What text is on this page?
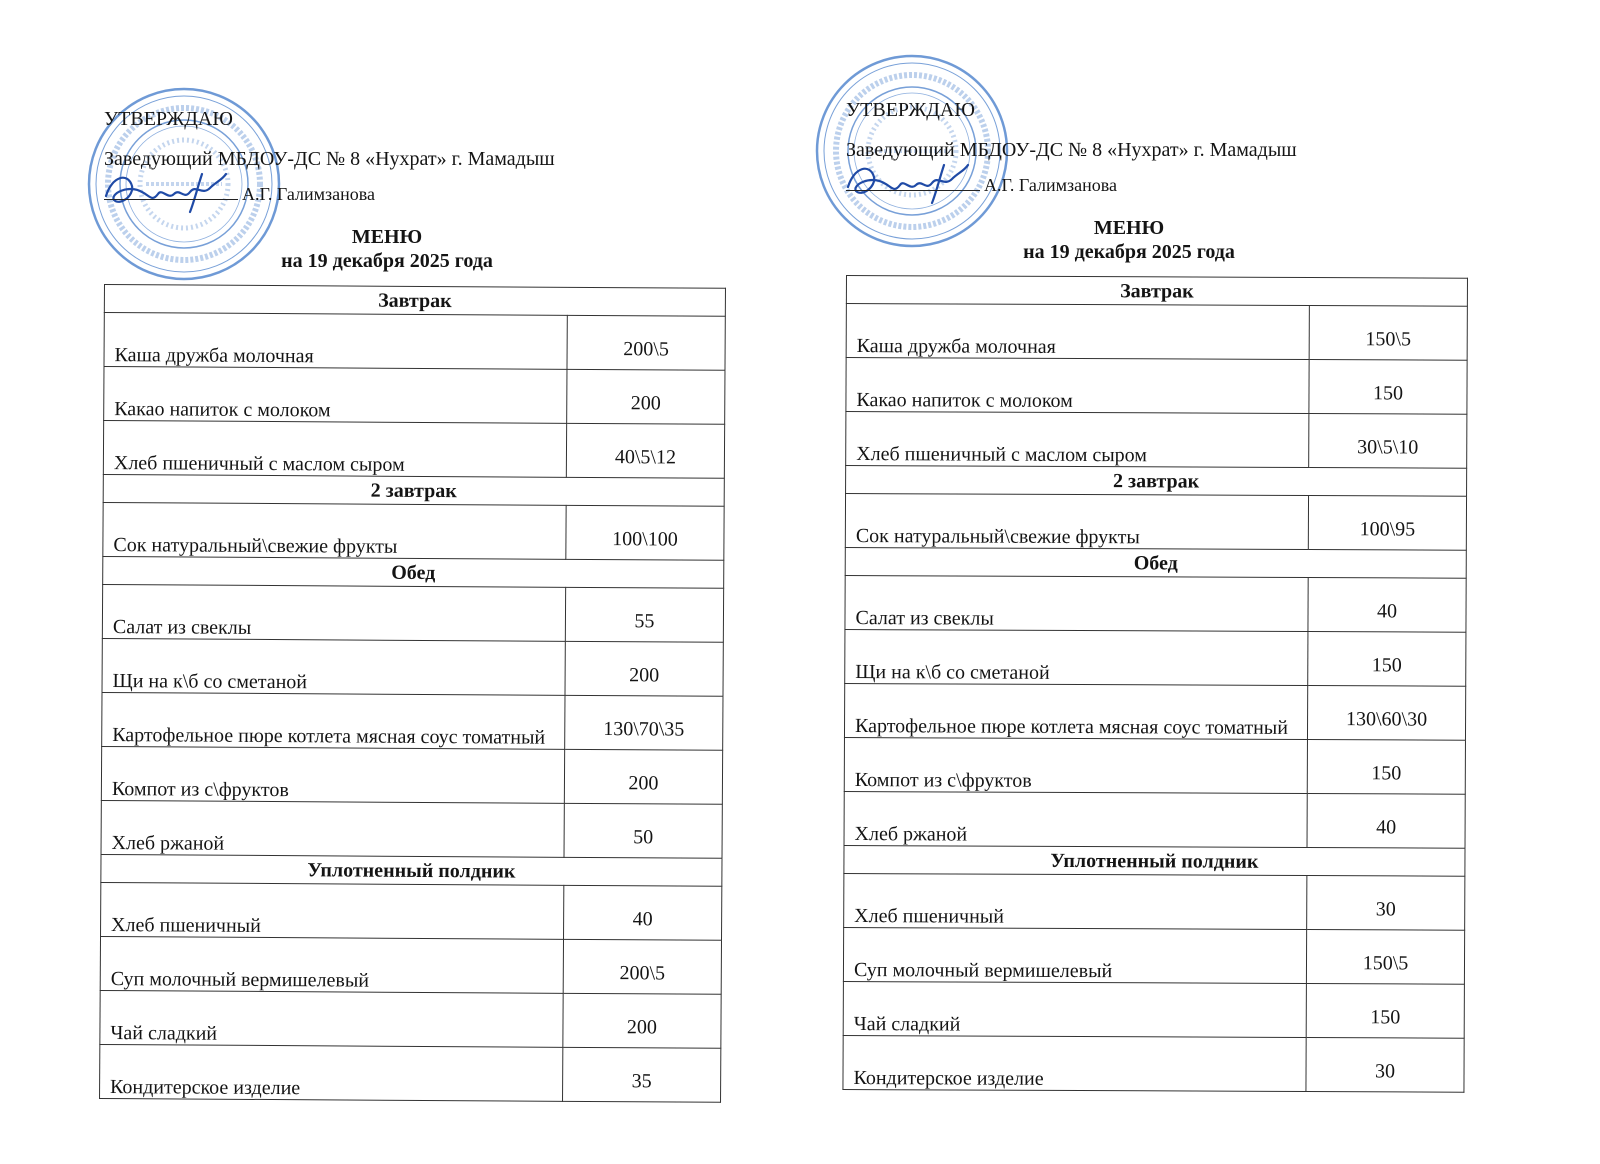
УТВЕРЖДАЮ
Заведующий МБДОУ-ДС № 8 «Нухрат» г. Мамадыш
А.Г. Галимзанова
МЕНЮ
на 19 декабря 2025 года
Завтрак	
Каша дружба молочная	200\5
Какао напиток с молоком	200
Хлеб пшеничный с маслом сыром	40\5\12
2 завтрак	
Сок натуральный\свежие фрукты	100\100
Обед	
Салат из свеклы	55
Щи на к\б со сметаной	200
Картофельное пюре котлета мясная соус томатный	130\70\35
Компот из с\фруктов	200
Хлеб ржаной	50
Уплотненный полдник	
Хлеб пшеничный	40
Суп молочный вермишелевый	200\5
Чай сладкий	200
Кондитерское изделие	35
УТВЕРЖДАЮ
Заведующий МБДОУ-ДС № 8 «Нухрат» г. Мамадыш
А.Г. Галимзанова
МЕНЮ
на 19 декабря 2025 года
Завтрак	
Каша дружба молочная	150\5
Какао напиток с молоком	150
Хлеб пшеничный с маслом сыром	30\5\10
2 завтрак	
Сок натуральный\свежие фрукты	100\95
Обед	
Салат из свеклы	40
Щи на к\б со сметаной	150
Картофельное пюре котлета мясная соус томатный	130\60\30
Компот из с\фруктов	150
Хлеб ржаной	40
Уплотненный полдник	
Хлеб пшеничный	30
Суп молочный вермишелевый	150\5
Чай сладкий	150
Кондитерское изделие	30
